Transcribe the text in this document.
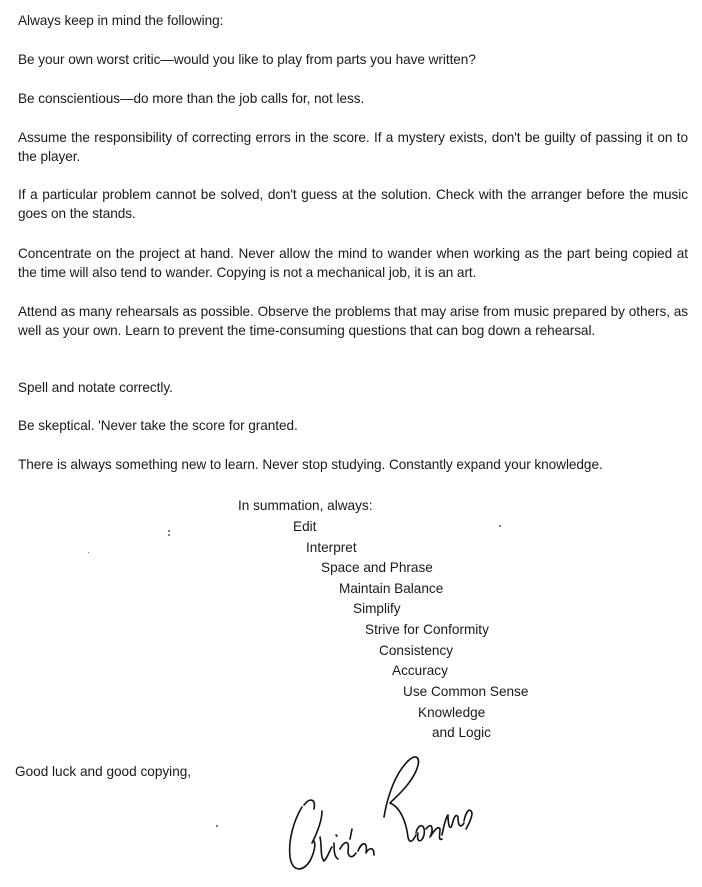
Always keep in mind the following:
Be your own worst critic—would you like to play from parts you have written?
Be conscientious—do more than the job calls for, not less.
Assume the responsibility of correcting errors in the score. If a mystery exists, don't be guilty of passing it on to the player.
If a particular problem cannot be solved, don't guess at the solution. Check with the arranger before the music goes on the stands.
Concentrate on the project at hand. Never allow the mind to wander when working as the part being copied at the time will also tend to wander. Copying is not a mechanical job, it is an art.
Attend as many rehearsals as possible. Observe the problems that may arise from music prepared by others, as well as your own. Learn to prevent the time-consuming questions that can bog down a rehearsal.
Spell and notate correctly.
Be skeptical. 'Never take the score for granted.
There is always something new to learn. Never stop studying. Constantly expand your knowledge.
In summation, always:
Edit
Interpret
Space and Phrase
Maintain Balance
Simplify
Strive for Conformity
Consistency
Accuracy
Use Common Sense
Knowledge
and Logic
Good luck and good copying,
